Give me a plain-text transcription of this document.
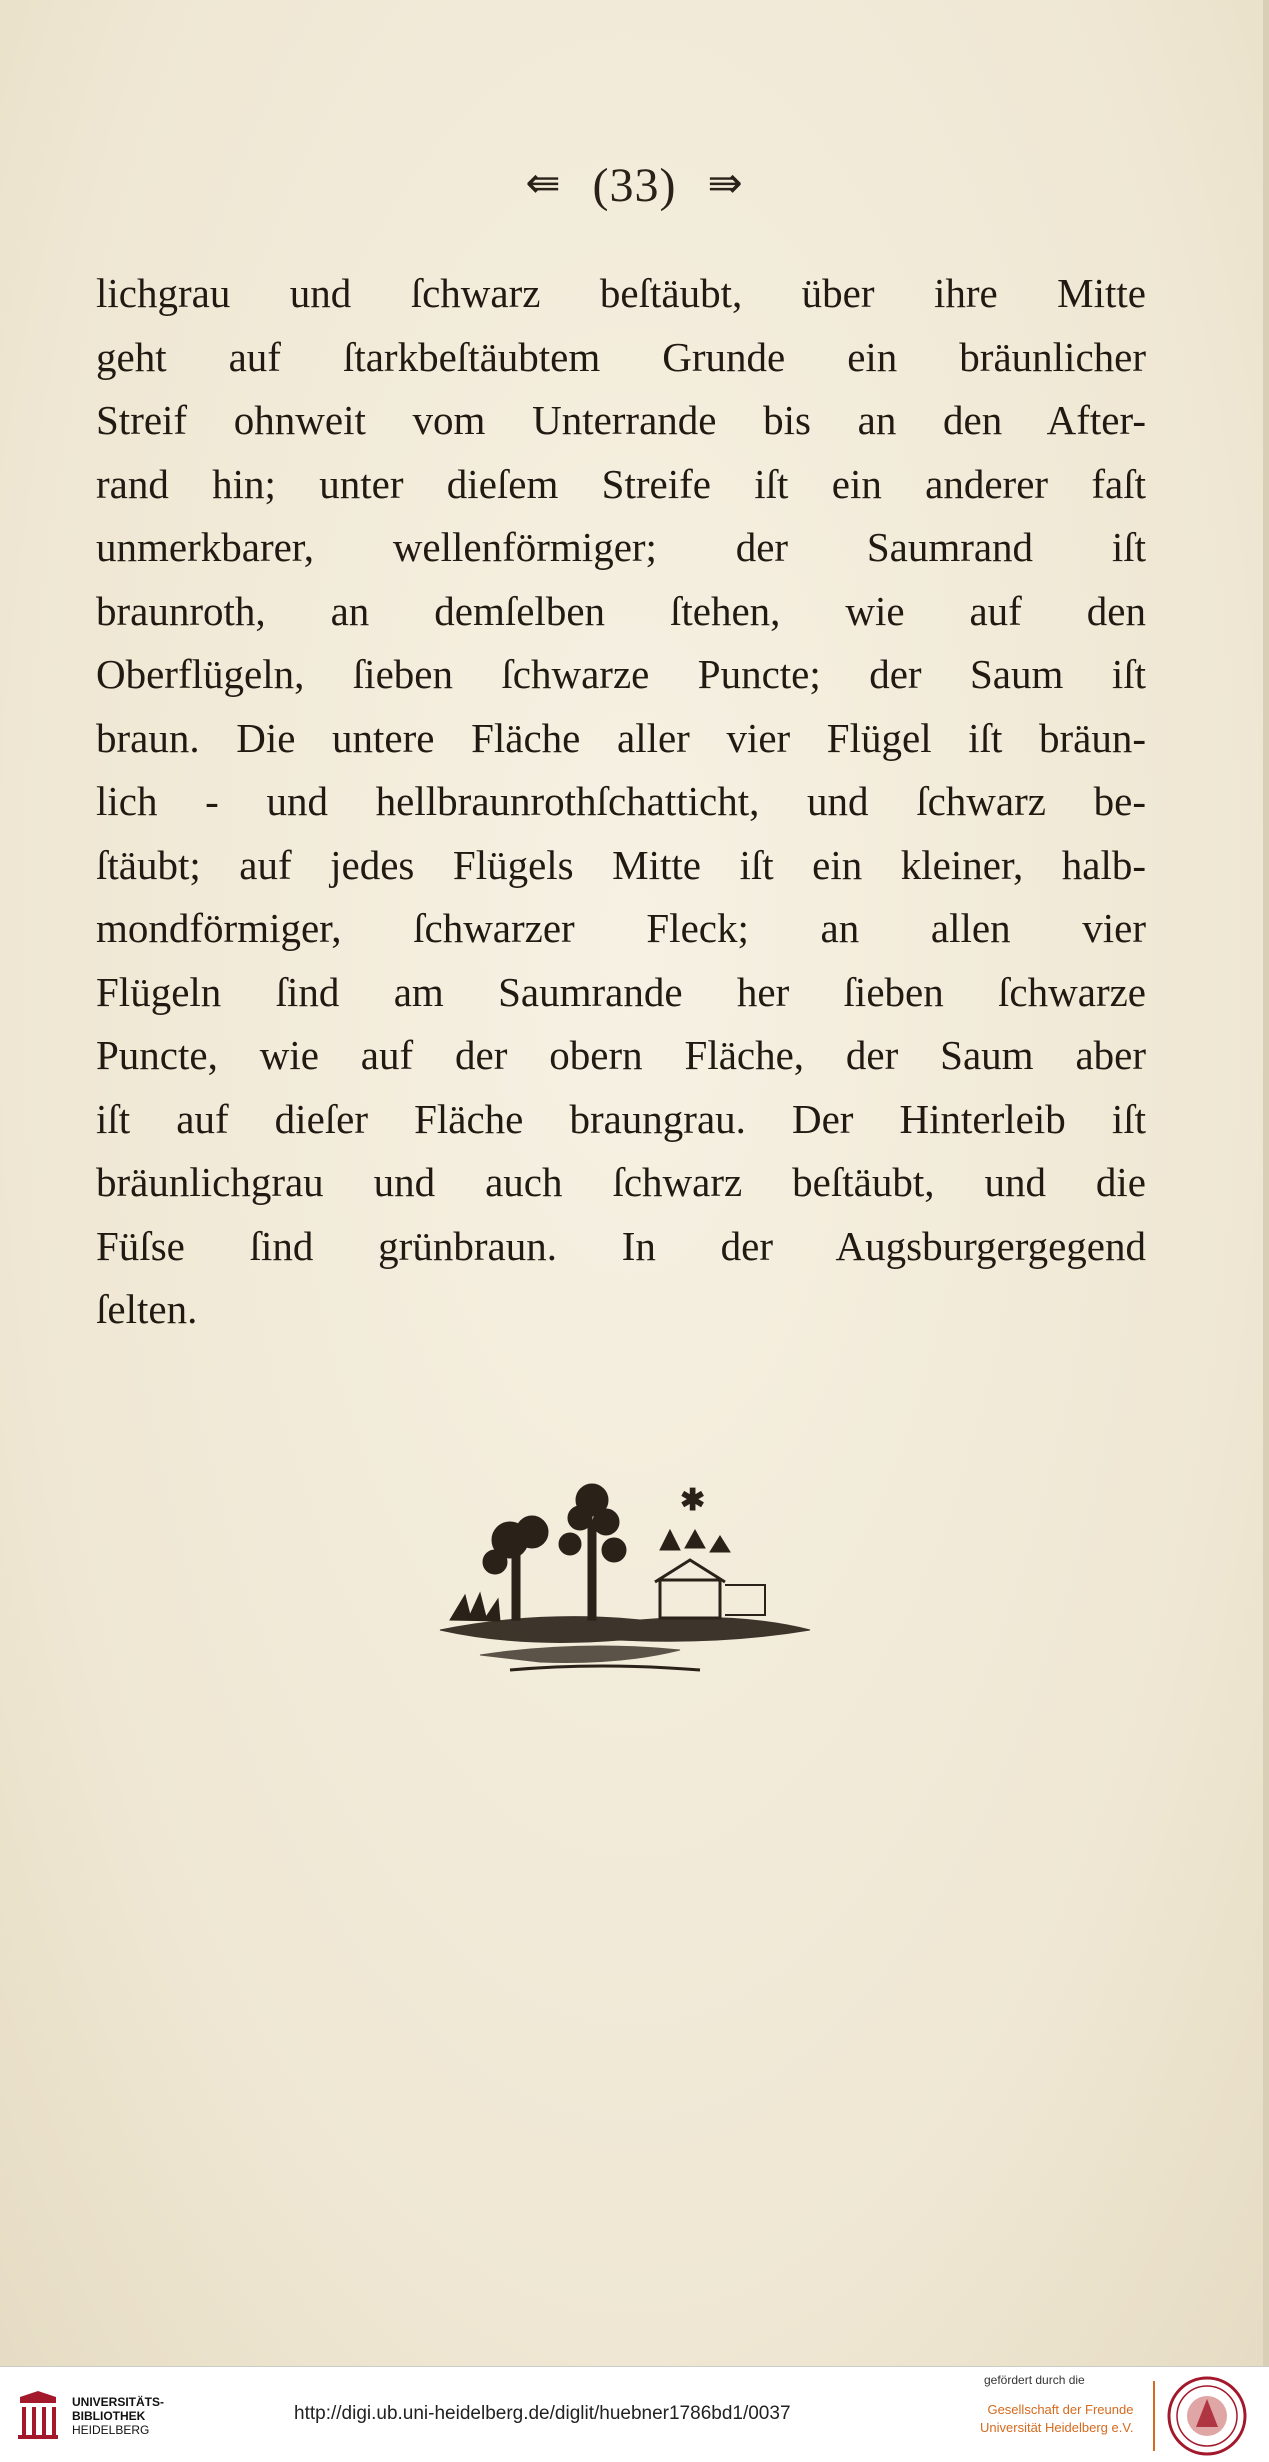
⇚ (33) ⇛
lichgrau und ſchwarz beſtäubt, über ihre Mitte
geht auf ſtarkbeſtäubtem Grunde ein bräunlicher
Streif ohnweit vom Unterrande bis an den After-
rand hin; unter dieſem Streife iſt ein anderer faſt
unmerkbarer, wellenförmiger; der Saumrand iſt
braunroth, an demſelben ſtehen, wie auf den
Oberflügeln, ſieben ſchwarze Puncte; der Saum iſt
braun. Die untere Fläche aller vier Flügel iſt bräun-
lich - und hellbraunrothſchatticht, und ſchwarz be-
ſtäubt; auf jedes Flügels Mitte iſt ein kleiner, halb-
mondförmiger, ſchwarzer Fleck; an allen vier
Flügeln ſind am Saumrande her ſieben ſchwarze
Puncte, wie auf der obern Fläche, der Saum aber
iſt auf dieſer Fläche braungrau. Der Hinterleib iſt
bräunlichgrau und auch ſchwarz beſtäubt, und die
Füſse ſind grünbraun. In der Augsburgergegend
ſelten.
✱
UNIVERSITÄTS-
BIBLIOTHEK
HEIDELBERG
http://digi.ub.uni-heidelberg.de/diglit/huebner1786bd1/0037
gefördert durch die
Gesellschaft der Freunde
Universität Heidelberg e.V.
